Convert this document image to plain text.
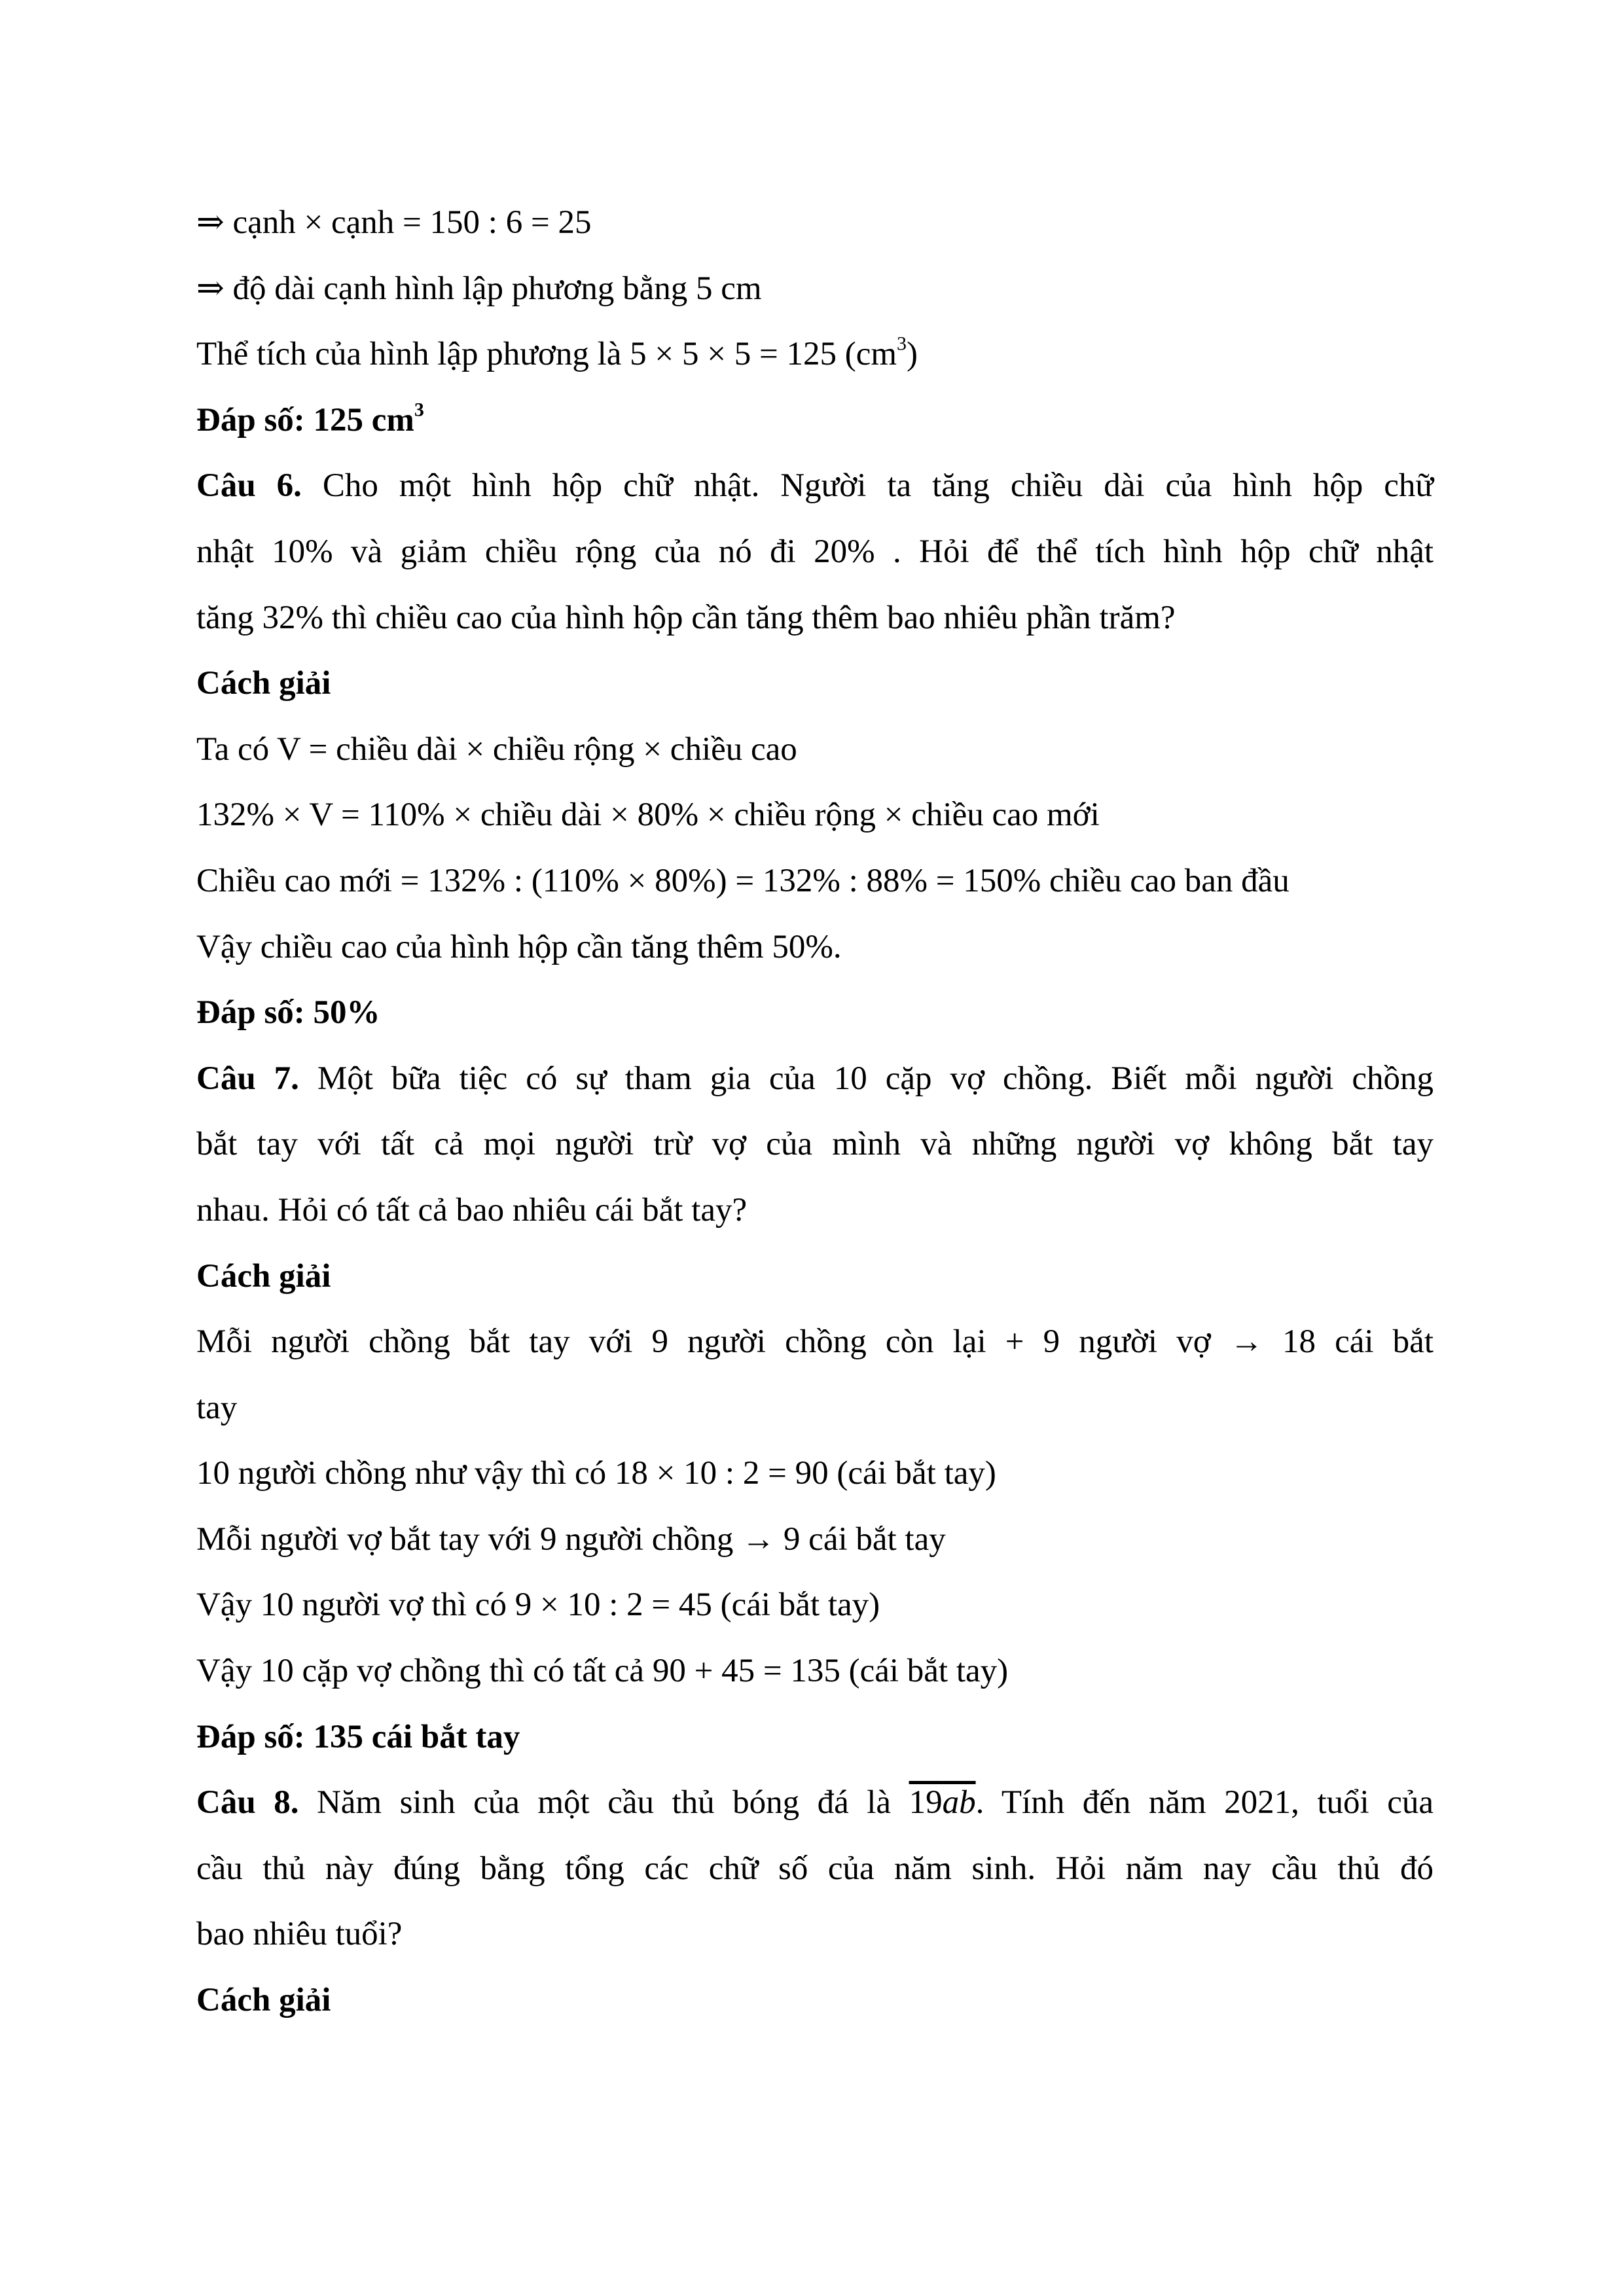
⇒ cạnh × cạnh = 150 : 6 = 25
⇒ độ dài cạnh hình lập phương bằng 5 cm
Thể tích của hình lập phương là 5 × 5 × 5 = 125 $(cm^3)$
Đáp số: 125 $cm^3$
Câu 6. Cho một hình hộp chữ nhật. Người ta tăng chiều dài của hình hộp chữ
nhật 10% và giảm chiều rộng của nó đi 20% . Hỏi để thể tích hình hộp chữ nhật
tăng 32% thì chiều cao của hình hộp cần tăng thêm bao nhiêu phần trăm?
Cách giải
Ta có V = chiều dài × chiều rộng × chiều cao
132% × V = 110% × chiều dài × 80% × chiều rộng × chiều cao mới
Chiều cao mới = 132% : (110% × 80%) = 132% : 88% = 150% chiều cao ban đầu
Vậy chiều cao của hình hộp cần tăng thêm 50%.
Đáp số: 50%
Câu 7. Một bữa tiệc có sự tham gia của 10 cặp vợ chồng. Biết mỗi người chồng
bắt tay với tất cả mọi người trừ vợ của mình và những người vợ không bắt tay
nhau. Hỏi có tất cả bao nhiêu cái bắt tay?
Cách giải
Mỗi người chồng bắt tay với 9 người chồng còn lại + 9 người vợ → 18 cái bắt
tay
10 người chồng như vậy thì có 18 × 10 : 2 = 90 (cái bắt tay)
Mỗi người vợ bắt tay với 9 người chồng → 9 cái bắt tay
Vậy 10 người vợ thì có 9 × 10 : 2 = 45 (cái bắt tay)
Vậy 10 cặp vợ chồng thì có tất cả 90 + 45 = 135 (cái bắt tay)
Đáp số: 135 cái bắt tay
Câu 8. Năm sinh của một cầu thủ bóng đá là 19ab. Tính đến năm 2021, tuổi của
cầu thủ này đúng bằng tổng các chữ số của năm sinh. Hỏi năm nay cầu thủ đó
bao nhiêu tuổi?
Cách giải
